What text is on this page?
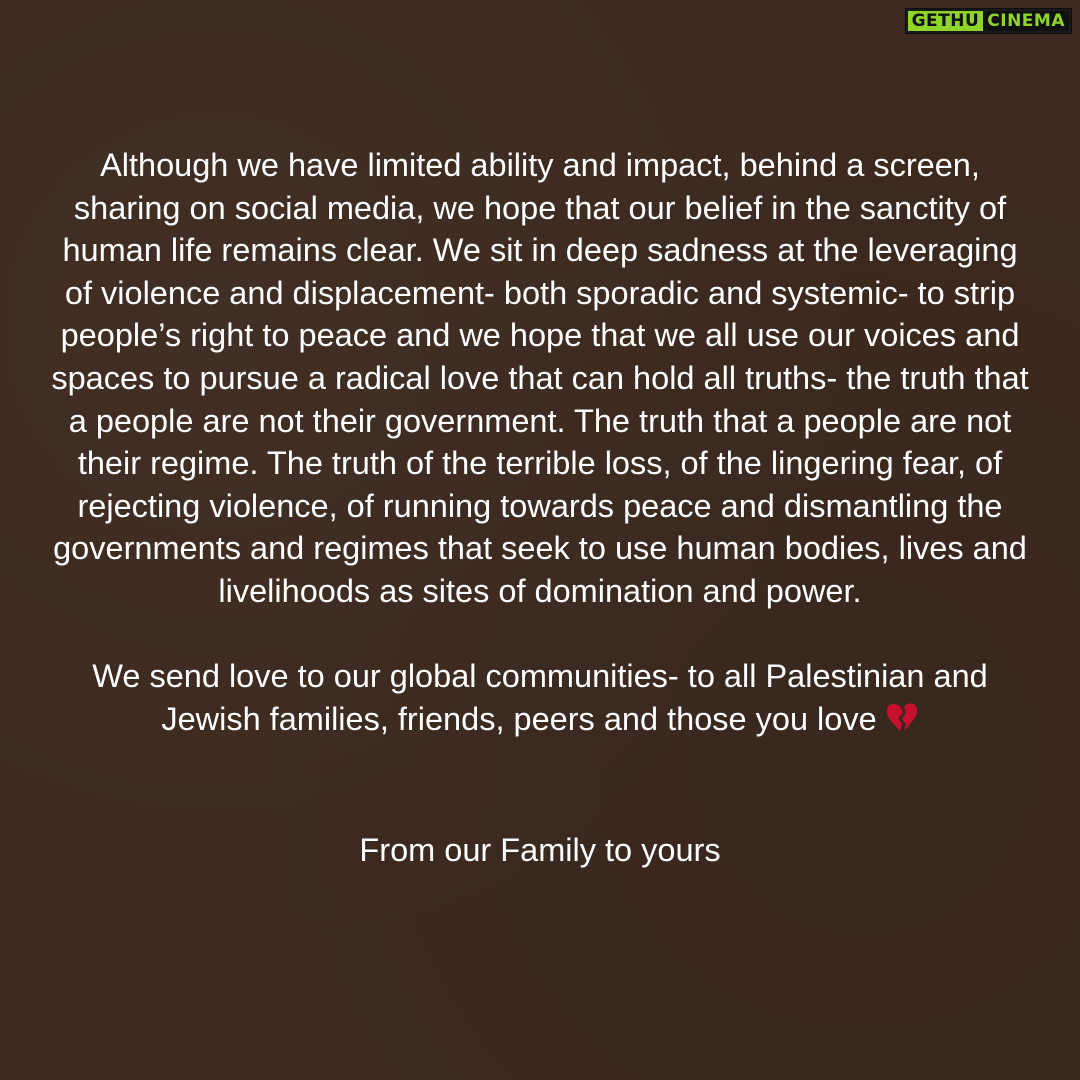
GETHU CINEMA

Although we have limited ability and impact, behind a screen, sharing on social media, we hope that our belief in the sanctity of human life remains clear. We sit in deep sadness at the leveraging of violence and displacement- both sporadic and systemic- to strip people’s right to peace and we hope that we all use our voices and spaces to pursue a radical love that can hold all truths- the truth that a people are not their government. The truth that a people are not their regime. The truth of the terrible loss, of the lingering fear, of rejecting violence, of running towards peace and dismantling the governments and regimes that seek to use human bodies, lives and livelihoods as sites of domination and power.

We send love to our global communities- to all Palestinian and Jewish families, friends, peers and those you love

From our Family to yours
